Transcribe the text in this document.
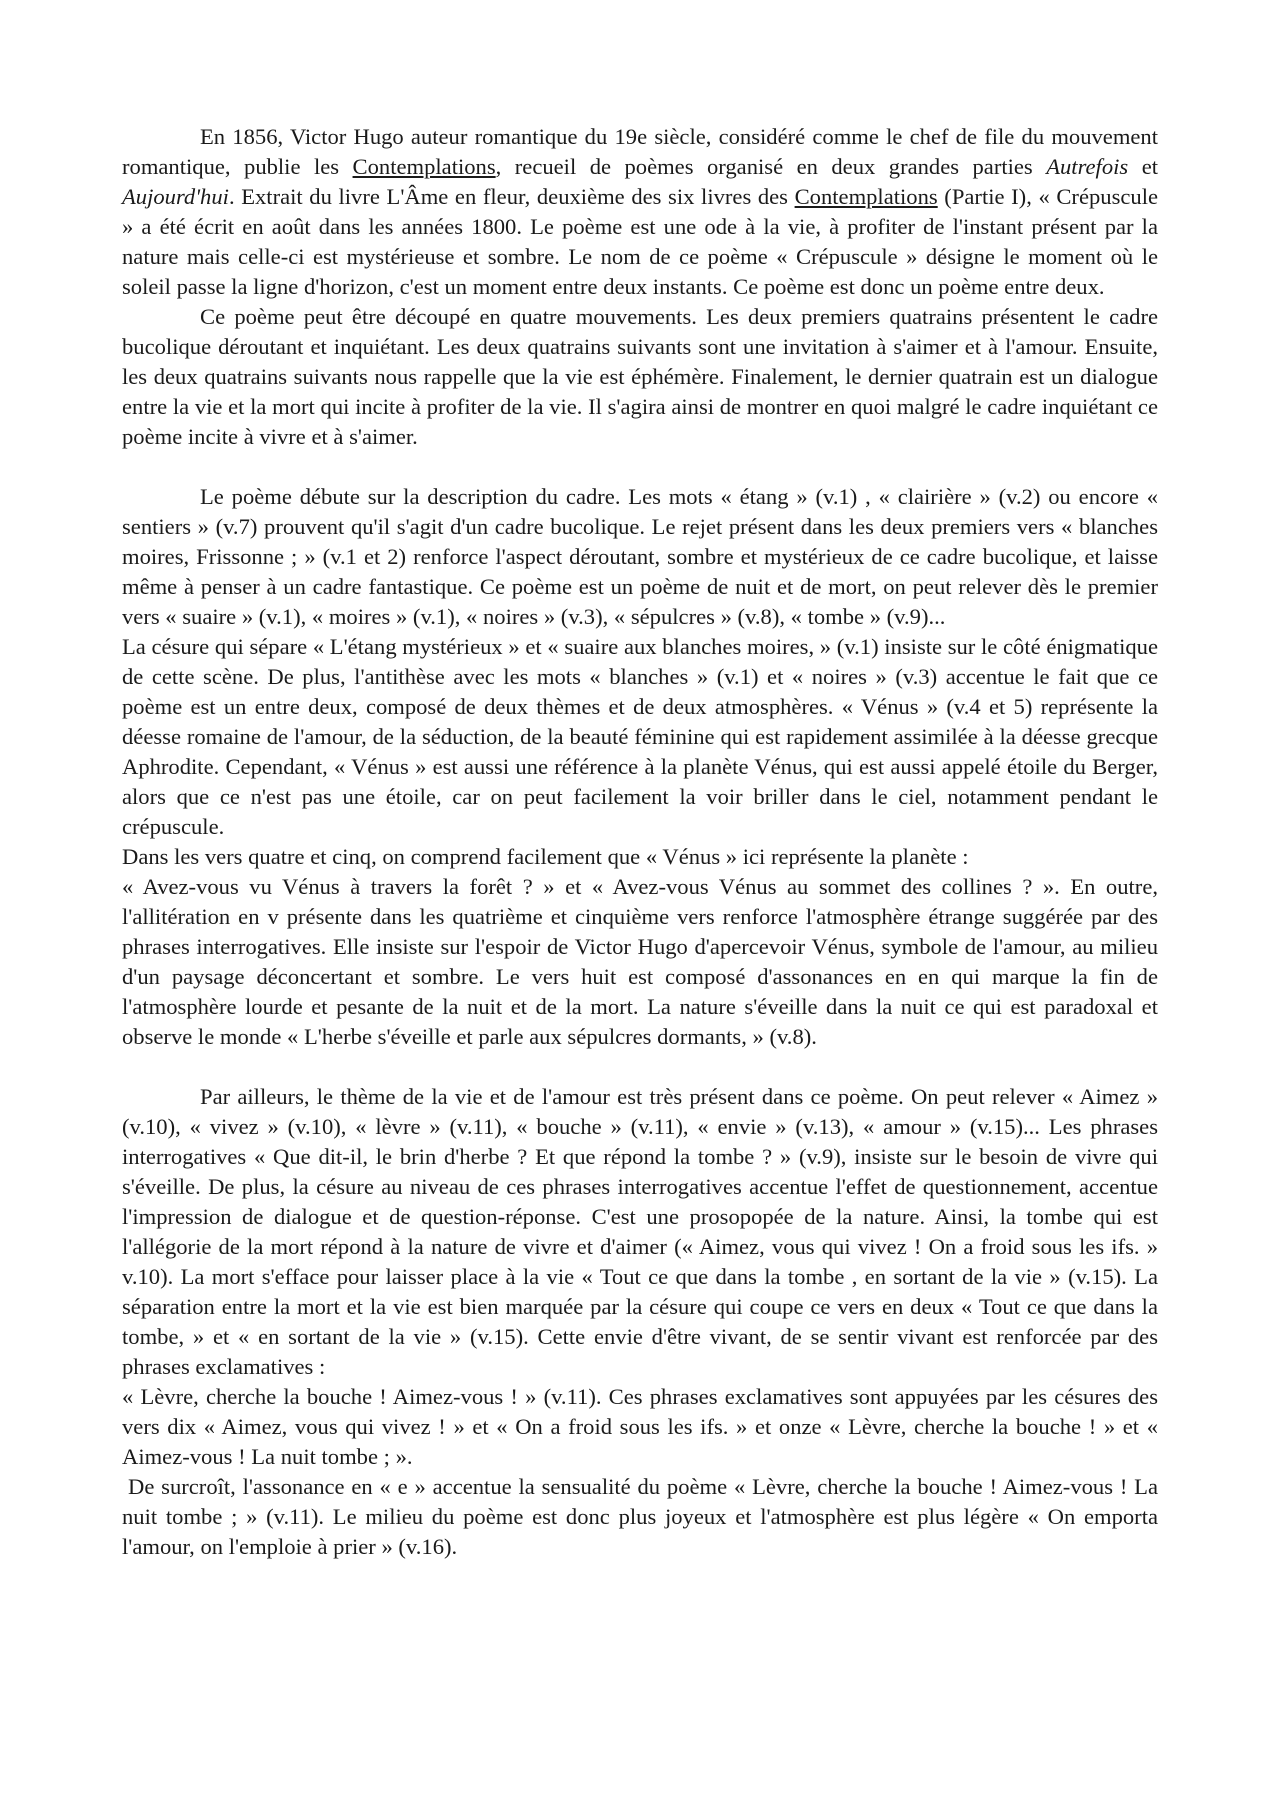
En 1856, Victor Hugo auteur romantique du 19e siècle, considéré comme le chef de file du mouvement romantique, publie les Contemplations, recueil de poèmes organisé en deux grandes parties Autrefois et Aujourd'hui. Extrait du livre L'Âme en fleur, deuxième des six livres des Contemplations (Partie I), « Crépuscule » a été écrit en août dans les années 1800. Le poème est une ode à la vie, à profiter de l'instant présent par la nature mais celle-ci est mystérieuse et sombre. Le nom de ce poème « Crépuscule » désigne le moment où le soleil passe la ligne d'horizon, c'est un moment entre deux instants. Ce poème est donc un poème entre deux.

Ce poème peut être découpé en quatre mouvements. Les deux premiers quatrains présentent le cadre bucolique déroutant et inquiétant. Les deux quatrains suivants sont une invitation à s'aimer et à l'amour. Ensuite, les deux quatrains suivants nous rappelle que la vie est éphémère. Finalement, le dernier quatrain est un dialogue entre la vie et la mort qui incite à profiter de la vie. Il s'agira ainsi de montrer en quoi malgré le cadre inquiétant ce poème incite à vivre et à s'aimer.

Le poème débute sur la description du cadre. Les mots « étang » (v.1) , « clairière » (v.2) ou encore « sentiers » (v.7) prouvent qu'il s'agit d'un cadre bucolique. Le rejet présent dans les deux premiers vers « blanches moires, Frissonne ; » (v.1 et 2) renforce l'aspect déroutant, sombre et mystérieux de ce cadre bucolique, et laisse même à penser à un cadre fantastique. Ce poème est un poème de nuit et de mort, on peut relever dès le premier vers « suaire » (v.1), « moires » (v.1), « noires » (v.3), « sépulcres » (v.8), « tombe » (v.9)...

La césure qui sépare « L'étang mystérieux » et « suaire aux blanches moires, » (v.1) insiste sur le côté énigmatique de cette scène. De plus, l'antithèse avec les mots « blanches » (v.1) et « noires » (v.3) accentue le fait que ce poème est un entre deux, composé de deux thèmes et de deux atmosphères. « Vénus » (v.4 et 5) représente la déesse romaine de l'amour, de la séduction, de la beauté féminine qui est rapidement assimilée à la déesse grecque Aphrodite. Cependant, « Vénus » est aussi une référence à la planète Vénus, qui est aussi appelé étoile du Berger, alors que ce n'est pas une étoile, car on peut facilement la voir briller dans le ciel, notamment pendant le crépuscule.

Dans les vers quatre et cinq, on comprend facilement que « Vénus » ici représente la planète :

« Avez-vous vu Vénus à travers la forêt ? » et « Avez-vous Vénus au sommet des collines ? ». En outre, l'allitération en v présente dans les quatrième et cinquième vers renforce l'atmosphère étrange suggérée par des phrases interrogatives. Elle insiste sur l'espoir de Victor Hugo d'apercevoir Vénus, symbole de l'amour, au milieu d'un paysage déconcertant et sombre. Le vers huit est composé d'assonances en en qui marque la fin de l'atmosphère lourde et pesante de la nuit et de la mort. La nature s'éveille dans la nuit ce qui est paradoxal et observe le monde « L'herbe s'éveille et parle aux sépulcres dormants, » (v.8).

Par ailleurs, le thème de la vie et de l'amour est très présent dans ce poème. On peut relever « Aimez » (v.10), « vivez » (v.10), « lèvre » (v.11), « bouche » (v.11), « envie » (v.13), « amour » (v.15)... Les phrases interrogatives « Que dit-il, le brin d'herbe ? Et que répond la tombe ? » (v.9), insiste sur le besoin de vivre qui s'éveille. De plus, la césure au niveau de ces phrases interrogatives accentue l'effet de questionnement, accentue l'impression de dialogue et de question-réponse. C'est une prosopopée de la nature. Ainsi, la tombe qui est l'allégorie de la mort répond à la nature de vivre et d'aimer (« Aimez, vous qui vivez ! On a froid sous les ifs. » v.10). La mort s'efface pour laisser place à la vie « Tout ce que dans la tombe , en sortant de la vie » (v.15). La séparation entre la mort et la vie est bien marquée par la césure qui coupe ce vers en deux « Tout ce que dans la tombe, » et « en sortant de la vie » (v.15). Cette envie d'être vivant, de se sentir vivant est renforcée par des phrases exclamatives :

« Lèvre, cherche la bouche ! Aimez-vous ! » (v.11). Ces phrases exclamatives sont appuyées par les césures des vers dix « Aimez, vous qui vivez ! » et « On a froid sous les ifs. » et onze « Lèvre, cherche la bouche ! » et « Aimez-vous ! La nuit tombe ; ».

De surcroît, l'assonance en « e » accentue la sensualité du poème « Lèvre, cherche la bouche ! Aimez-vous ! La nuit tombe ; » (v.11). Le milieu du poème est donc plus joyeux et l'atmosphère est plus légère « On emporta l'amour, on l'emploie à prier » (v.16).
